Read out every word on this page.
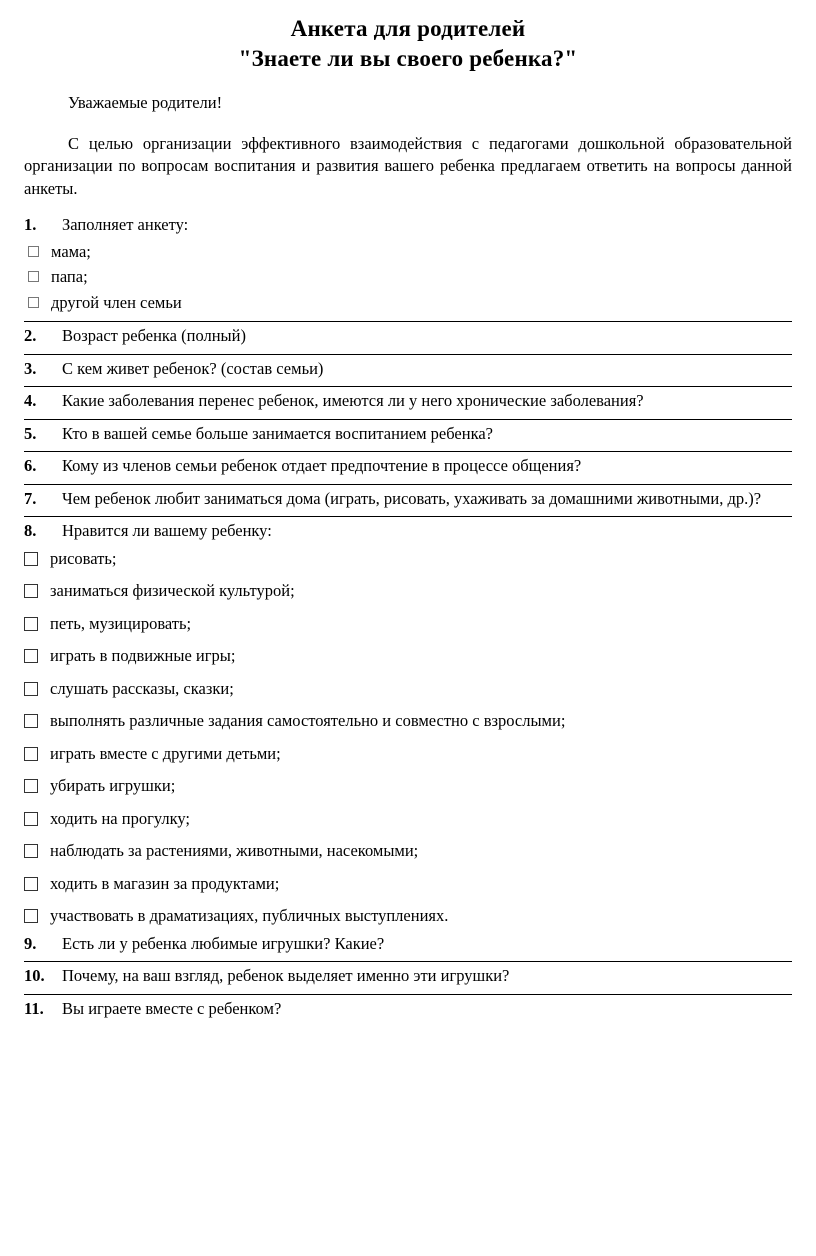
Анкета для родителей
"Знаете ли вы своего ребенка?"

Уважаемые родители!

С целью организации эффективного взаимодействия с педагогами дошкольной образовательной организации по вопросам воспитания и развития вашего ребенка предлагаем ответить на вопросы данной анкеты.

1. Заполняет анкету:
мама;
папа;
другой член семьи
2. Возраст ребенка (полный)
3. С кем живет ребенок? (состав семьи)
4. Какие заболевания перенес ребенок, имеются ли у него хронические заболевания?
5. Кто в вашей семье больше занимается воспитанием ребенка?
6. Кому из членов семьи ребенок отдает предпочтение в процессе общения?
7. Чем ребенок любит заниматься дома (играть, рисовать, ухаживать за домашними животными, др.)?
8. Нравится ли вашему ребенку:
рисовать;
заниматься физической культурой;
петь, музицировать;
играть в подвижные игры;
слушать рассказы, сказки;
выполнять различные задания самостоятельно и совместно с взрослыми;
играть вместе с другими детьми;
убирать игрушки;
ходить на прогулку;
наблюдать за растениями, животными, насекомыми;
ходить в магазин за продуктами;
участвовать в драматизациях, публичных выступлениях.
9. Есть ли у ребенка любимые игрушки? Какие?
10. Почему, на ваш взгляд, ребенок выделяет именно эти игрушки?
11. Вы играете вместе с ребенком?
